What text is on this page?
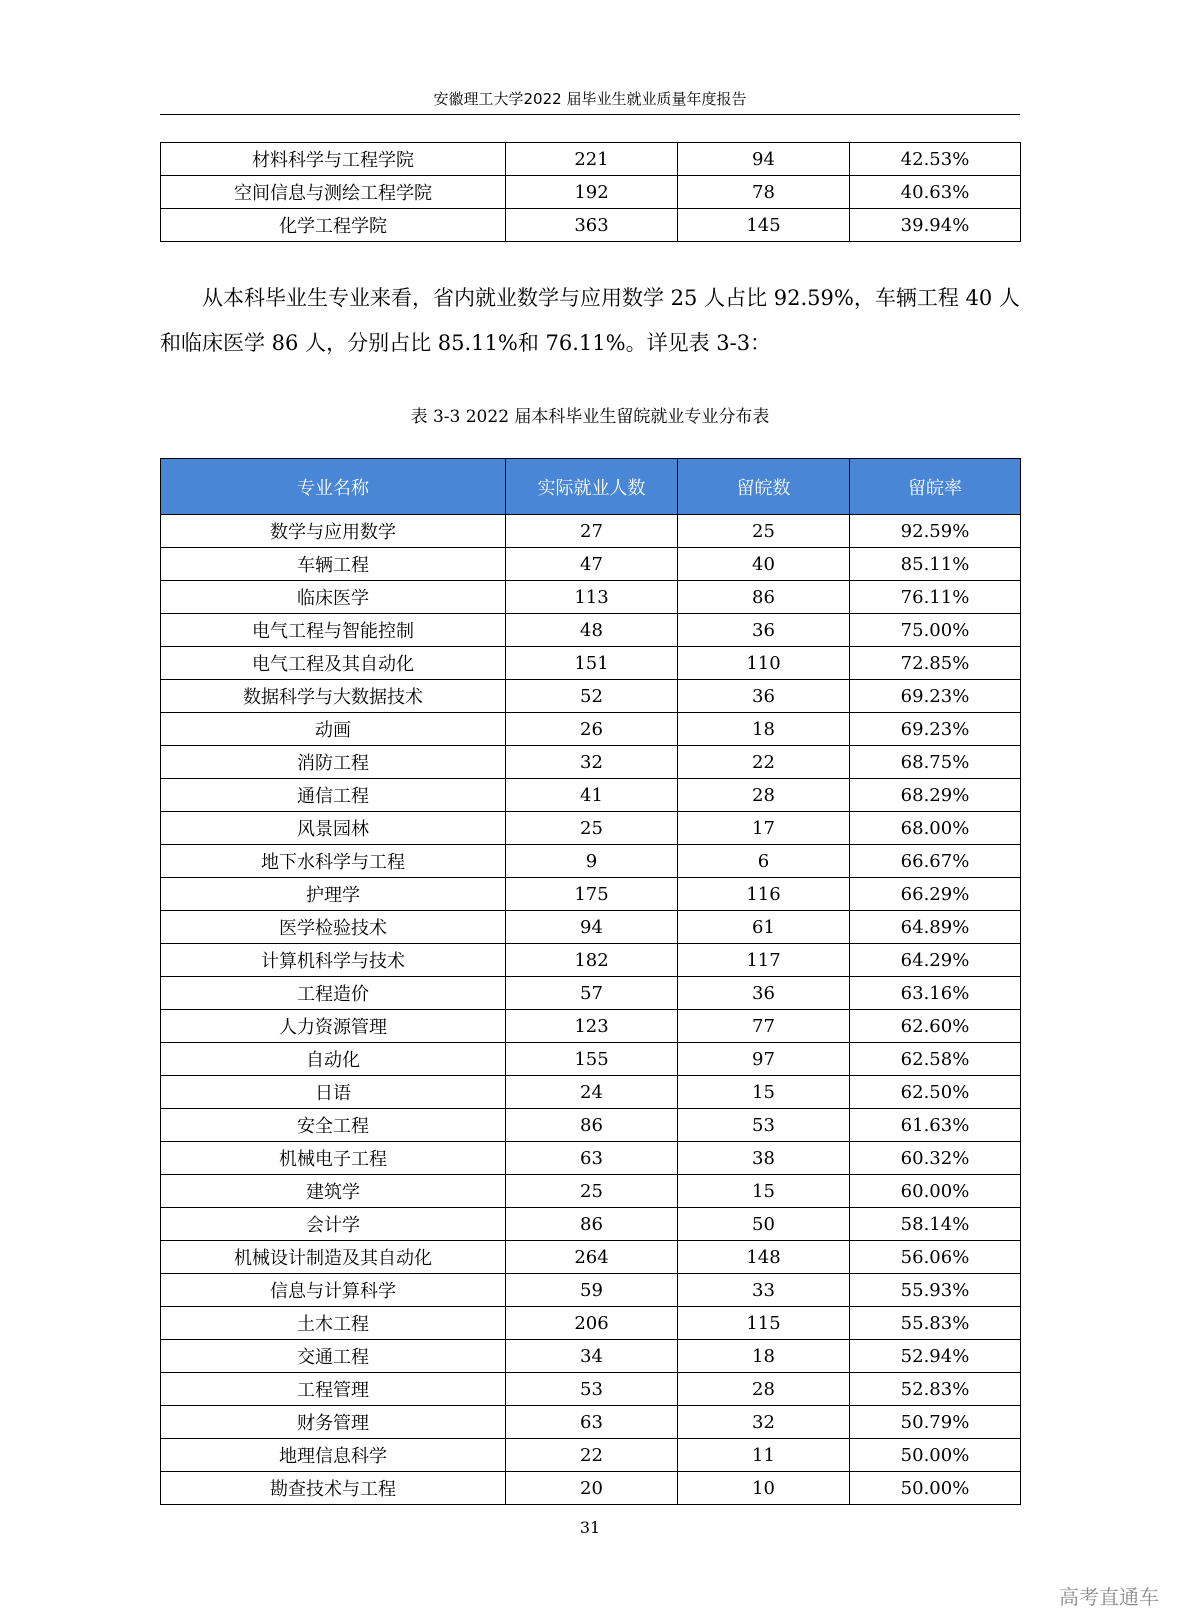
安徽理工大学2022 届毕业生就业质量年度报告
材料科学与工程学院	221	94	42.53%
空间信息与测绘工程学院	192	78	40.63%
化学工程学院	363	145	39.94%

从本科毕业生专业来看，省内就业数学与应用数学 25 人占比 92.59%，车辆工程 40 人和临床医学 86 人，分别占比 85.11%和 76.11%。详见表 3-3：

表 3-3 2022 届本科毕业生留皖就业专业分布表
专业名称	实际就业人数	留皖数	留皖率
数学与应用数学	27	25	92.59%
车辆工程	47	40	85.11%
临床医学	113	86	76.11%
电气工程与智能控制	48	36	75.00%
电气工程及其自动化	151	110	72.85%
数据科学与大数据技术	52	36	69.23%
动画	26	18	69.23%
消防工程	32	22	68.75%
通信工程	41	28	68.29%
风景园林	25	17	68.00%
地下水科学与工程	9	6	66.67%
护理学	175	116	66.29%
医学检验技术	94	61	64.89%
计算机科学与技术	182	117	64.29%
工程造价	57	36	63.16%
人力资源管理	123	77	62.60%
自动化	155	97	62.58%
日语	24	15	62.50%
安全工程	86	53	61.63%
机械电子工程	63	38	60.32%
建筑学	25	15	60.00%
会计学	86	50	58.14%
机械设计制造及其自动化	264	148	56.06%
信息与计算科学	59	33	55.93%
土木工程	206	115	55.83%
交通工程	34	18	52.94%
工程管理	53	28	52.83%
财务管理	63	32	50.79%
地理信息科学	22	11	50.00%
勘查技术与工程	20	10	50.00%
31
高考直通车
